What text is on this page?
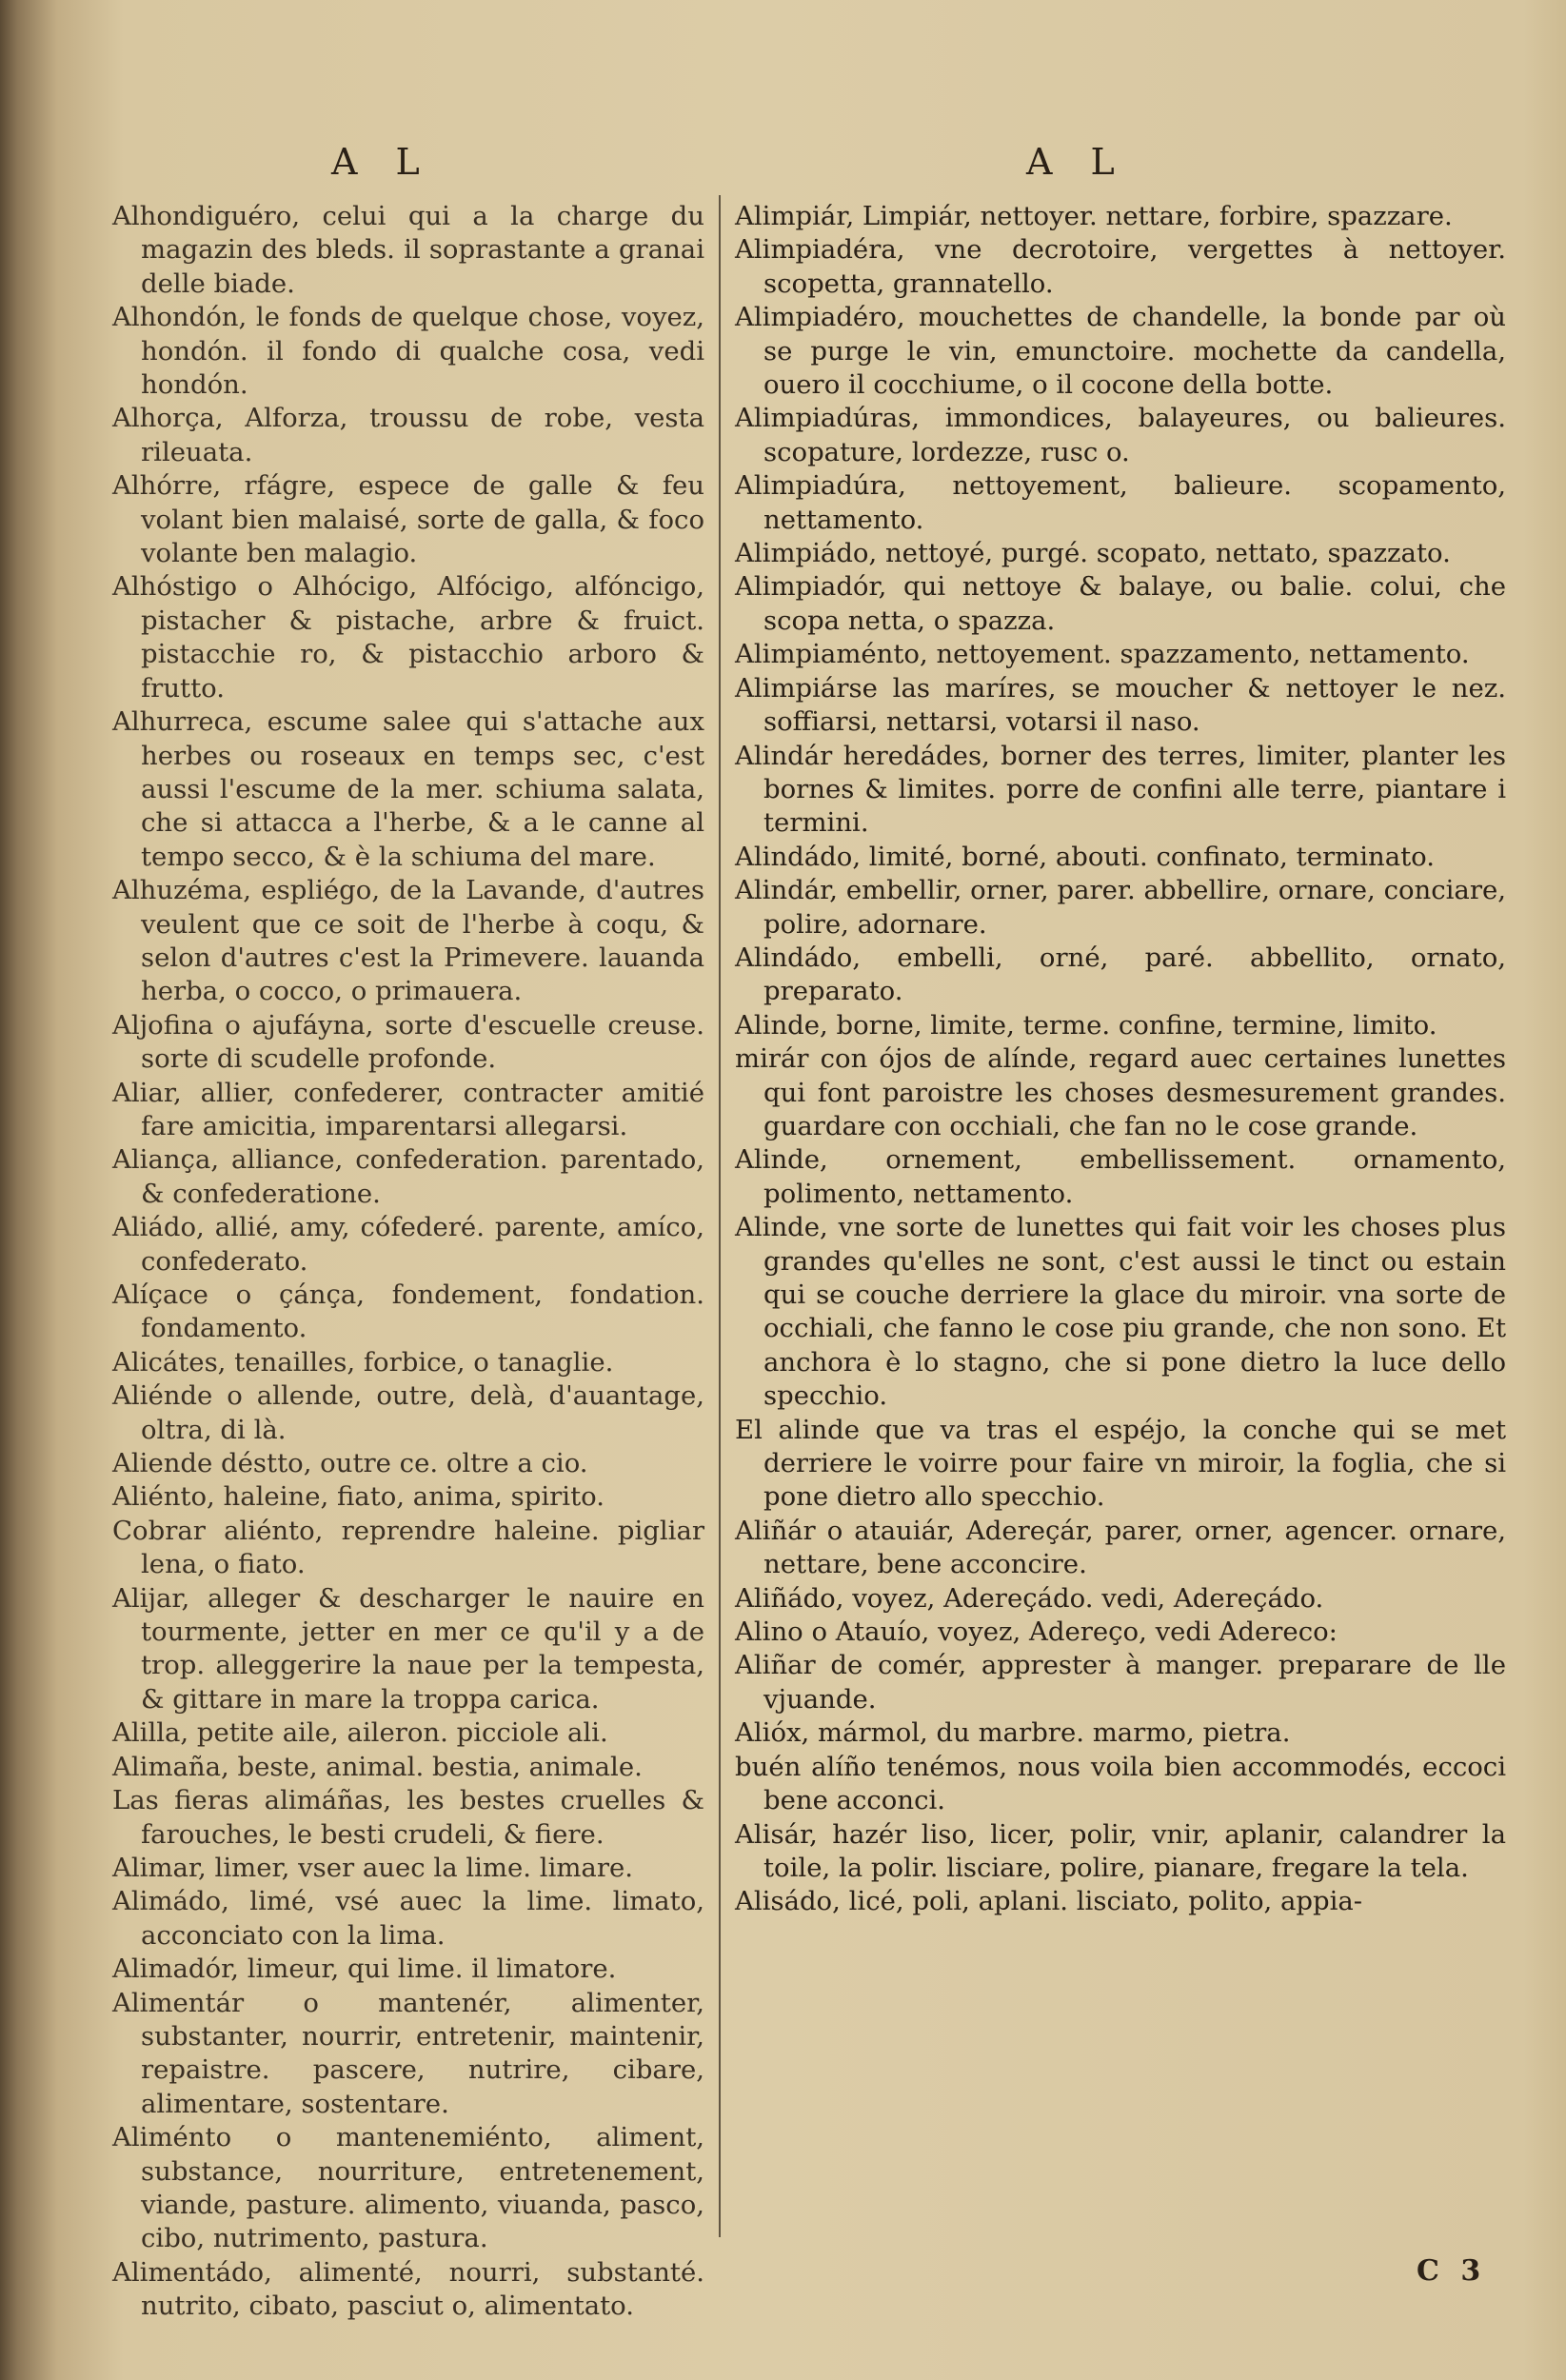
A L	A L

Alhondiguéro, celui qui a la charge du magazin des bleds. il soprastante a granai delle biade.

Alhondón, le fonds de quelque chose, voyez, hondón. il fondo di qualche cosa, vedi hondón.

Alhorça, Alforza, troussu de robe, vesta rileuata.

Alhórre, rfágre, espece de galle & feu volant bien malaisé, sorte de galla, & foco volante ben malagio.

Alhóstigo o Alhócigo, Alfócigo, alfóncigo, pistacher & pistache, arbre & fruict. pistacchie ro, & pistacchio arboro & frutto.

Alhurreca, escume salee qui s'attache aux herbes ou roseaux en temps sec, c'est aussi l'escume de la mer. schiuma salata, che si attacca a l'herbe, & a le canne al tempo secco, & è la schiuma del mare.

Alhuzéma, espliégo, de la Lavande, d'autres veulent que ce soit de l'herbe à coqu, & selon d'autres c'est la Primevere. lauanda herba, o cocco, o primauera.

Aljofina o ajufáyna, sorte d'escuelle creuse. sorte di scudelle profonde.

Aliar, allier, confederer, contracter amitié fare amicitia, imparentarsi allegarsi.

Aliança, alliance, confederation. parentado, & confederatione.

Aliádo, allié, amy, cófederé. parente, amíco, confederato.

Alíçace o çánça, fondement, fondation. fondamento.

Alicátes, tenailles, forbice, o tanaglie.

Aliénde o allende, outre, delà, d'auantage, oltra, di là.

Aliende déstto, outre ce. oltre a cio.

Aliénto, haleine, fiato, anima, spirito.

Cobrar aliénto, reprendre haleine. pigliar lena, o fiato.

Alijar, alleger & descharger le nauire en tourmente, jetter en mer ce qu'il y a de trop. alleggerire la naue per la tempesta, & gittare in mare la troppa carica.

Alilla, petite aile, aileron. picciole ali.

Alimaña, beste, animal. bestia, animale.

Las fieras alimáñas, les bestes cruelles & farouches, le besti crudeli, & fiere.

Alimar, limer, vser auec la lime. limare.

Alimádo, limé, vsé auec la lime. limato, acconciato con la lima.

Alimadór, limeur, qui lime. il limatore.

Alimentár o mantenér, alimenter, substanter, nourrir, entretenir, maintenir, repaistre. pascere, nutrire, cibare, alimentare, sostentare.

Aliménto o mantenemiénto, aliment, substance, nourriture, entretenement, viande, pasture. alimento, viuanda, pasco, cibo, nutrimento, pastura.

Alimentádo, alimenté, nourri, substanté. nutrito, cibato, pasciut o, alimentato.

Alimpiár, Limpiár, nettoyer. nettare, forbire, spazzare.

Alimpiadéra, vne decrotoire, vergettes à nettoyer. scopetta, grannatello.

Alimpiadéro, mouchettes de chandelle, la bonde par où se purge le vin, emunctoire. mochette da candella, ouero il cocchiume, o il cocone della botte.

Alimpiadúras, immondices, balayeures, ou balieures. scopature, lordezze, rusc o.

Alimpiadúra, nettoyement, balieure. scopamento, nettamento.

Alimpiádo, nettoyé, purgé. scopato, nettato, spazzato.

Alimpiadór, qui nettoye & balaye, ou balie. colui, che scopa netta, o spazza.

Alimpiaménto, nettoyement. spazzamento, nettamento.

Alimpiárse las maríres, se moucher & nettoyer le nez. soffiarsi, nettarsi, votarsi il naso.

Alindár heredádes, borner des terres, limiter, planter les bornes & limites. porre de confini alle terre, piantare i termini.

Alindádo, limité, borné, abouti. confinato, terminato.

Alindár, embellir, orner, parer. abbellire, ornare, conciare, polire, adornare.

Alindádo, embelli, orné, paré. abbellito, ornato, preparato.

Alinde, borne, limite, terme. confine, termine, limito.

mirár con ójos de alínde, regard auec certaines lunettes qui font paroistre les choses desmesurement grandes. guardare con occhiali, che fan no le cose grande.

Alinde, ornement, embellissement. ornamento, polimento, nettamento.

Alinde, vne sorte de lunettes qui fait voir les choses plus grandes qu'elles ne sont, c'est aussi le tinct ou estain qui se couche derriere la glace du miroir. vna sorte de occhiali, che fanno le cose piu grande, che non sono. Et anchora è lo stagno, che si pone dietro la luce dello specchio.

El alinde que va tras el espéjo, la conche qui se met derriere le voirre pour faire vn miroir, la foglia, che si pone dietro allo specchio.

Aliñár o atauiár, Adereçár, parer, orner, agencer. ornare, nettare, bene acconcire.

Aliñádo, voyez, Adereçádo. vedi, Adereçádo.

Alino o Atauío, voyez, Adereço, vedi Adereco:

Aliñar de comér, apprester à manger. preparare de lle vjuande.

Alióx, mármol, du marbre. marmo, pietra.

buén alíño tenémos, nous voila bien accommodés, eccoci bene acconci.

Alisár, hazér liso, licer, polir, vnir, aplanir, calandrer la toile, la polir. lisciare, polire, pianare, fregare la tela.

Alisádo, licé, poli, aplani. lisciato, polito, appia-

C 3
